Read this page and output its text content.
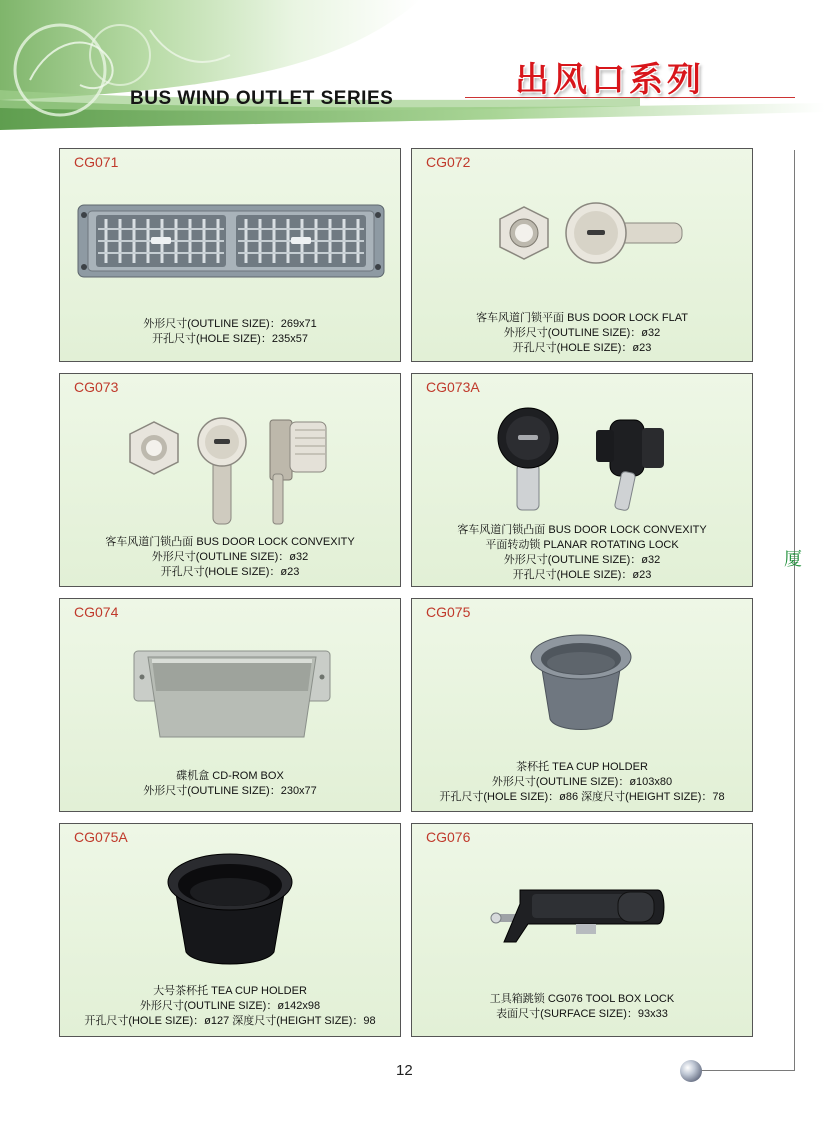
出风口系列
BUS WIND OUTLET SERIES
CG071
外形尺寸(OUTLINE SIZE)：269x71
开孔尺寸(HOLE SIZE)：235x57
CG072
客车风道门锁平面 BUS DOOR LOCK FLAT
外形尺寸(OUTLINE SIZE)：ø32
开孔尺寸(HOLE SIZE)：ø23
CG073
客车风道门锁凸面 BUS DOOR LOCK CONVEXITY
外形尺寸(OUTLINE SIZE)：ø32
开孔尺寸(HOLE SIZE)：ø23
CG073A
客车风道门锁凸面 BUS DOOR LOCK CONVEXITY
平面转动锁 PLANAR ROTATING LOCK
外形尺寸(OUTLINE SIZE)：ø32
开孔尺寸(HOLE SIZE)：ø23
CG074
碟机盒 CD-ROM BOX
外形尺寸(OUTLINE SIZE)：230x77
CG075
茶杯托 TEA CUP HOLDER
外形尺寸(OUTLINE SIZE)：ø103x80
开孔尺寸(HOLE SIZE)：ø86 深度尺寸(HEIGHT SIZE)：78
CG075A
大号茶杯托 TEA CUP HOLDER
外形尺寸(OUTLINE SIZE)：ø142x98
开孔尺寸(HOLE SIZE)：ø127 深度尺寸(HEIGHT SIZE)：98
CG076
工具箱跳锁 CG076 TOOL BOX LOCK
表面尺寸(SURFACE SIZE)：93x33
厦
12
